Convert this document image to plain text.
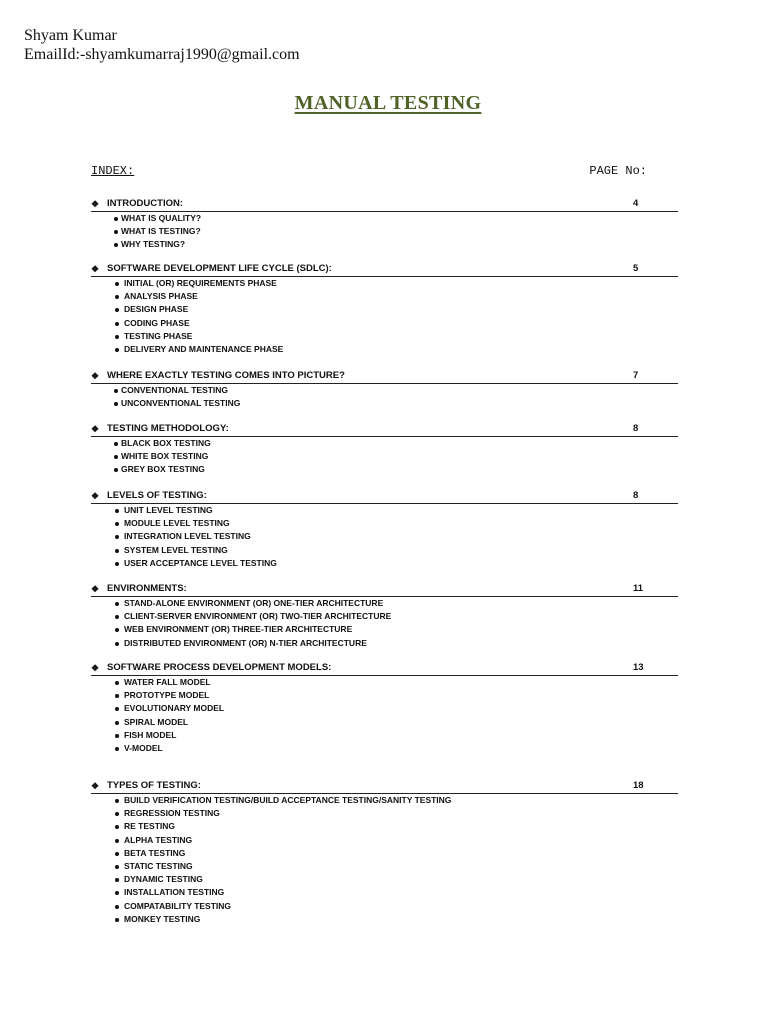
Shyam Kumar
EmailId:-shyamkumarraj1990@gmail.com
MANUAL TESTING
INDEX:	PAGE No:
❖ INTRODUCTION:	4
WHAT IS QUALITY?
WHAT IS TESTING?
WHY TESTING?
❖ SOFTWARE DEVELOPMENT LIFE CYCLE (SDLC):	5
INITIAL (OR) REQUIREMENTS PHASE
ANALYSIS PHASE
DESIGN PHASE
CODING PHASE
TESTING PHASE
DELIVERY AND MAINTENANCE PHASE
❖ WHERE EXACTLY TESTING COMES INTO PICTURE?	7
CONVENTIONAL TESTING
UNCONVENTIONAL TESTING
❖ TESTING METHODOLOGY:	8
BLACK BOX TESTING
WHITE BOX TESTING
GREY BOX TESTING
❖ LEVELS OF TESTING:	8
UNIT LEVEL TESTING
MODULE LEVEL TESTING
INTEGRATION LEVEL TESTING
SYSTEM LEVEL TESTING
USER ACCEPTANCE LEVEL TESTING
❖ ENVIRONMENTS:	11
STAND-ALONE ENVIRONMENT (OR) ONE-TIER ARCHITECTURE
CLIENT-SERVER ENVIRONMENT (OR) TWO-TIER ARCHITECTURE
WEB ENVIRONMENT (OR) THREE-TIER ARCHITECTURE
DISTRIBUTED ENVIRONMENT (OR) N-TIER ARCHITECTURE
❖ SOFTWARE PROCESS DEVELOPMENT MODELS:	13
WATER FALL MODEL
PROTOTYPE MODEL
EVOLUTIONARY MODEL
SPIRAL MODEL
FISH MODEL
V-MODEL
❖ TYPES OF TESTING:	18
BUILD VERIFICATION TESTING/BUILD ACCEPTANCE TESTING/SANITY TESTING
REGRESSION TESTING
RE TESTING
ALPHA TESTING
BETA TESTING
STATIC TESTING
DYNAMIC TESTING
INSTALLATION TESTING
COMPATABILITY TESTING
MONKEY TESTING
